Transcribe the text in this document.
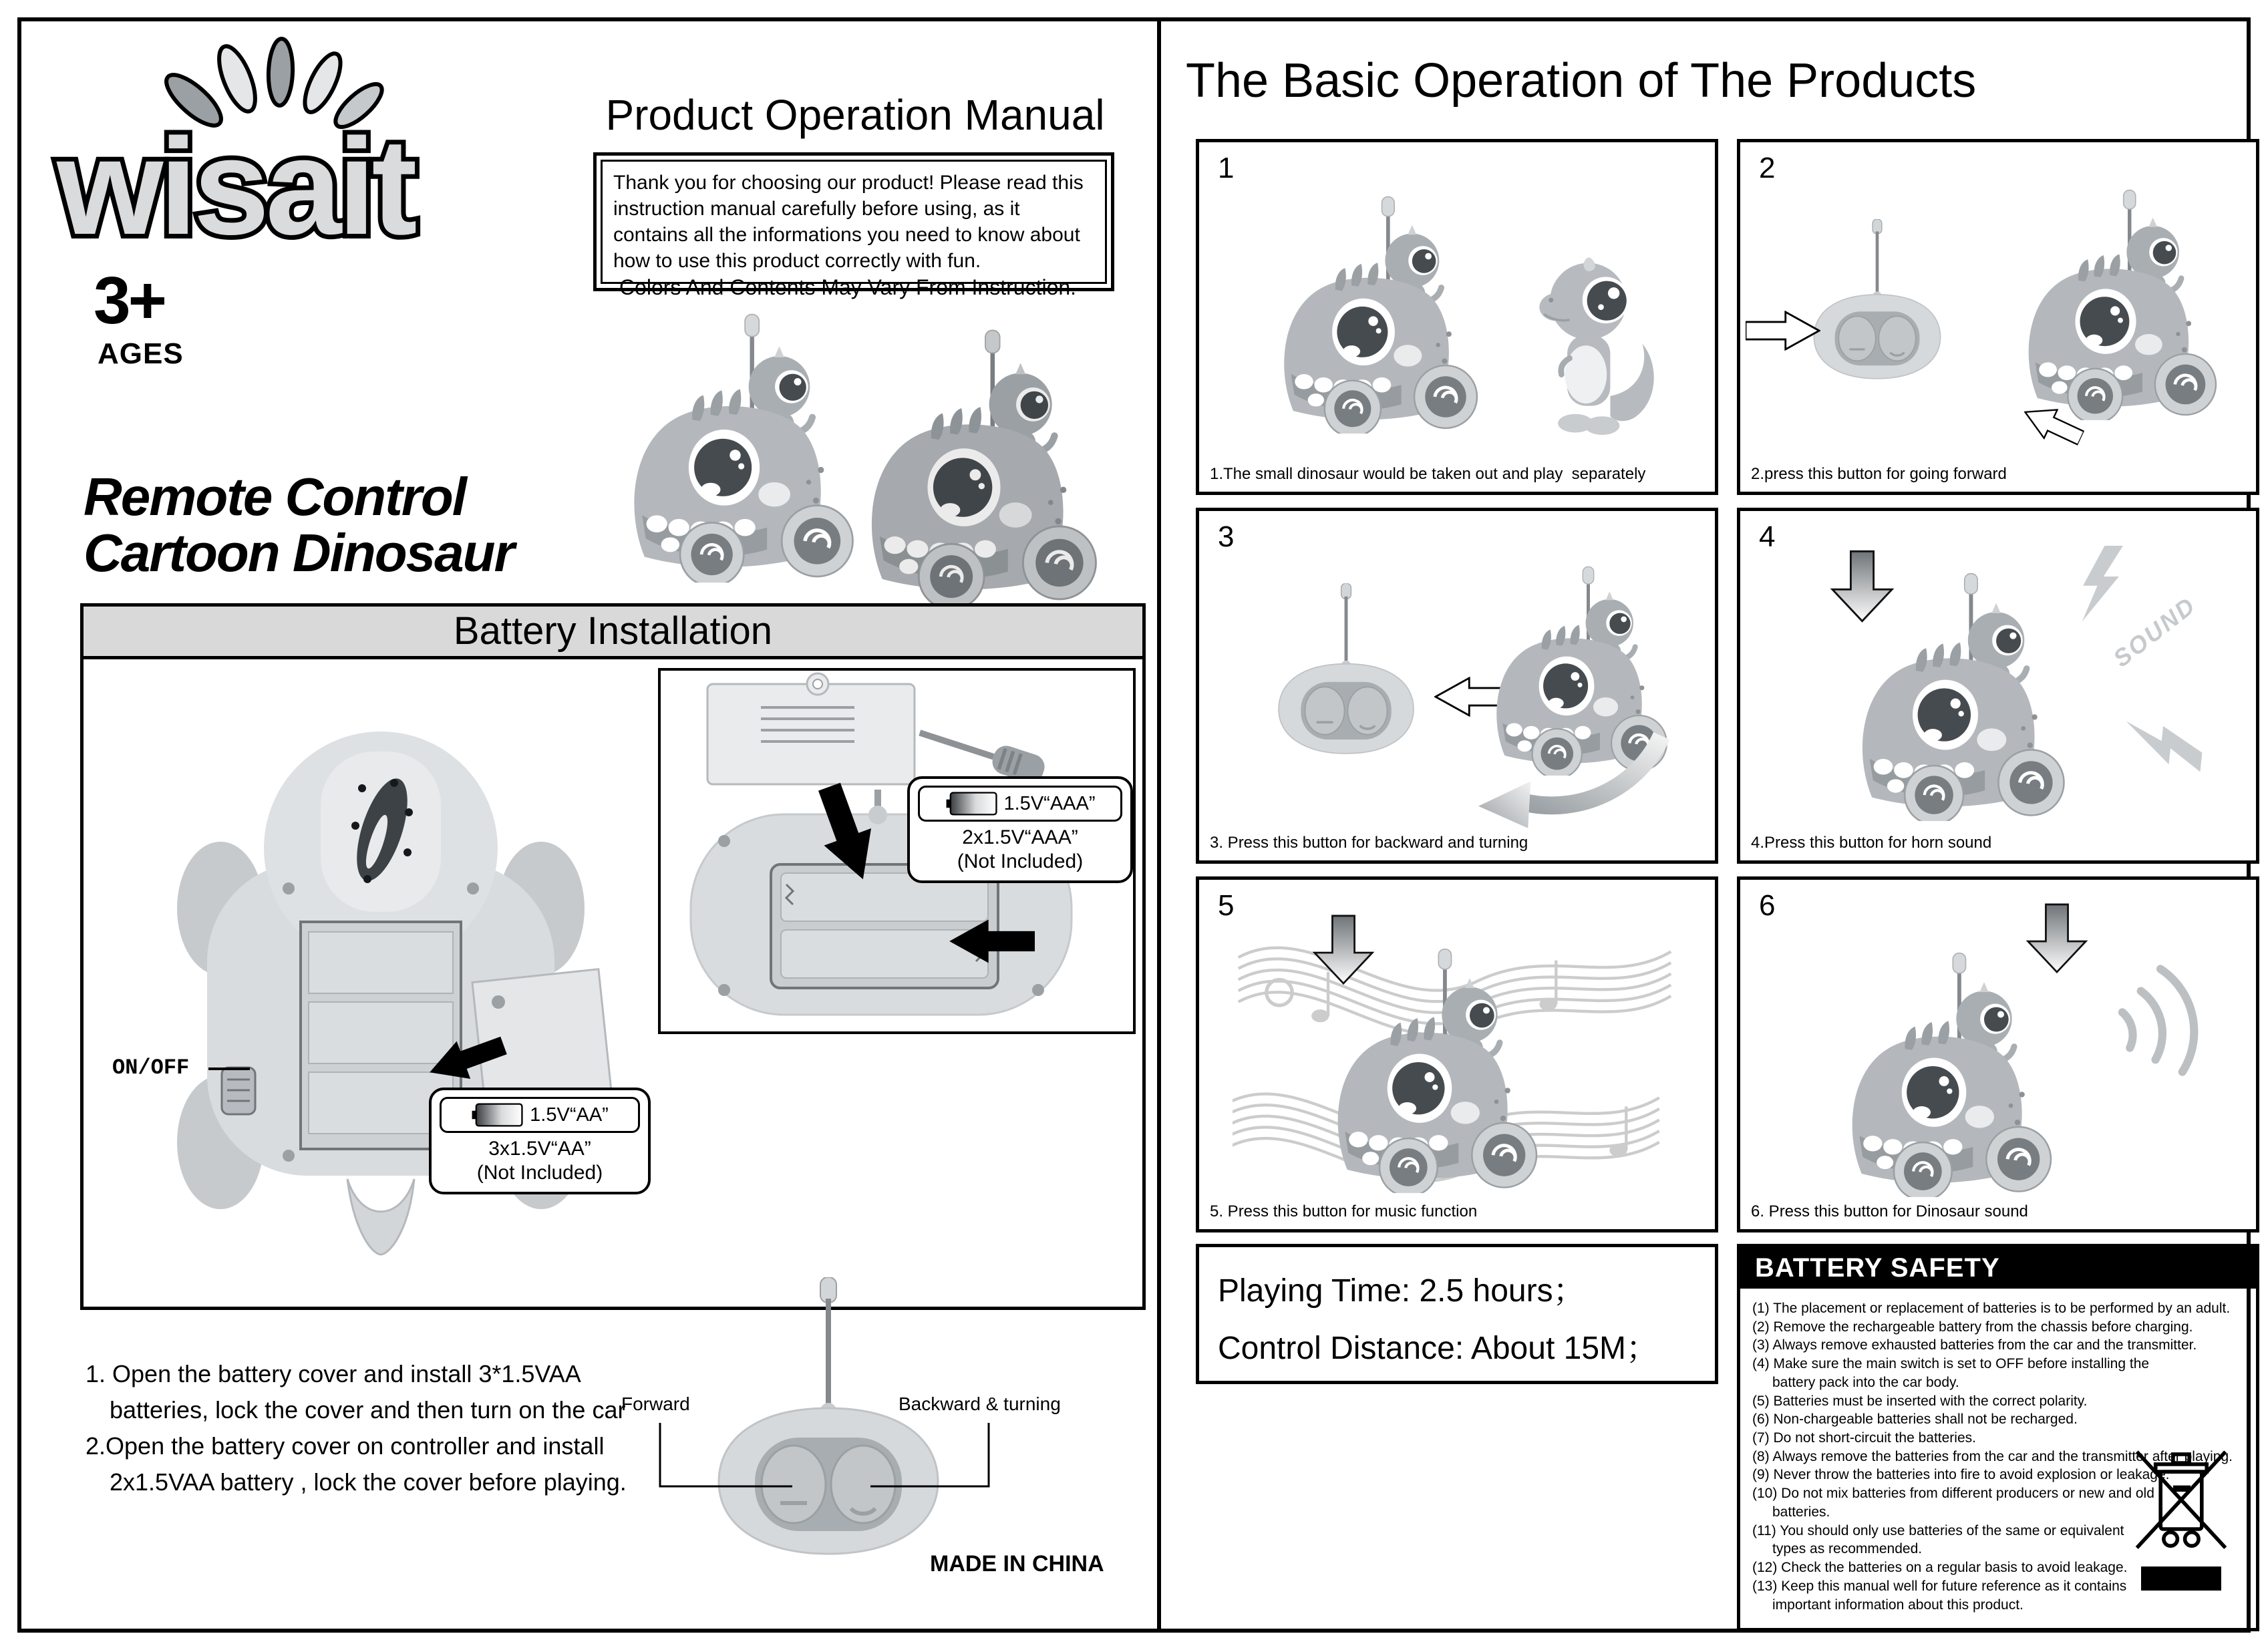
wisait
3+
AGES
Product Operation Manual
Thank you for choosing our product! Please read this instruction manual carefully before using, as it contains all the informations you need to know about how to use this product correctly with fun.
Colors And Contents May Vary From Instruction.
Remote Control
Cartoon Dinosaur
Battery Installation
ON/OFF
1.5V“AA”
3x1.5V“AA”
(Not Included)
1.5V“AAA”
2x1.5V“AAA”
(Not Included)
1. Open the battery cover and install 3*1.5VAA
batteries, lock the cover and then turn on the car
2.Open the battery cover on controller and install
2x1.5VAA battery , lock the cover before playing.
Forward	Backward & turning
MADE IN CHINA
The Basic Operation of The Products
1
1.The small dinosaur would be taken out and play  separately
2
2.press this button for going forward
3
3. Press this button for backward and turning
4
SOUND
4.Press this button for horn sound
5
5. Press this button for music function
6
6. Press this button for Dinosaur sound
Playing Time: 2.5 hours；
Control Distance: About 15M；
BATTERY SAFETY
(1) The placement or replacement of batteries is to be performed by an adult.
(2) Remove the rechargeable battery from the chassis before charging.
(3) Always remove exhausted batteries from the car and the transmitter.
(4) Make sure the main switch is set to OFF before installing the battery pack into the car body.
(5) Batteries must be inserted with the correct polarity.
(6) Non-chargeable batteries shall not be recharged.
(7) Do not short-circuit the batteries.
(8) Always remove the batteries from the car and the transmitter after playing.
(9) Never throw the batteries into fire to avoid explosion or leakage.
(10) Do not mix batteries from different producers or new and old batteries.
(11) You should only use batteries of the same or equivalent types as recommended.
(12) Check the batteries on a regular basis to avoid leakage.
(13) Keep this manual well for future reference as it contains important information about this product.
